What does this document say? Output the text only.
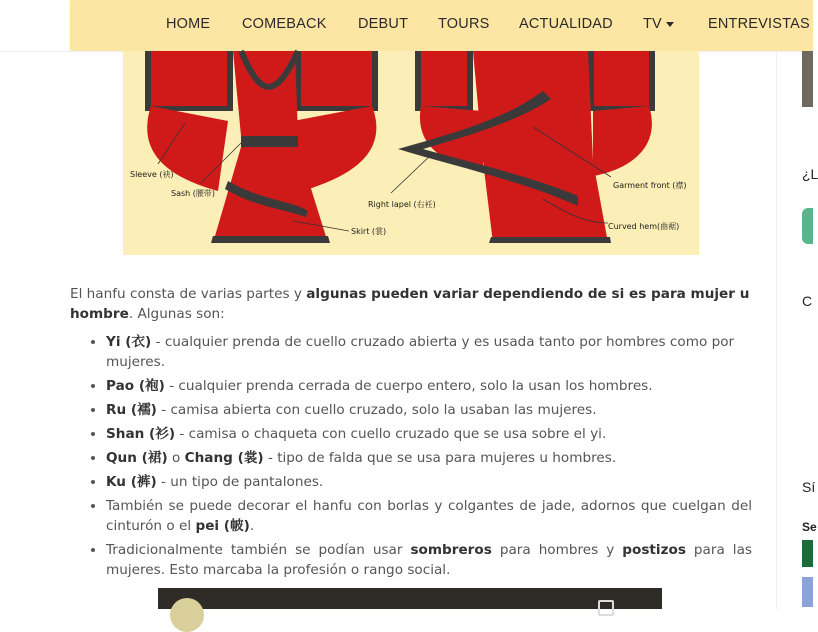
HOME COMEBACK DEBUT TOURS ACTUALIDAD TV	ENTREVISTAS
Sleeve (袂)
Sash (腰带)
Skirt (裳)
Right lapel (右衽)
Garment front (襟)
Curved hem(曲裾)

El hanfu consta de varias partes y algunas pueden variar dependiendo de si es para mujer u hombre. Algunas son:

• Yi (衣) - cualquier prenda de cuello cruzado abierta y es usada tanto por hombres como por mujeres.
• Pao (袍) - cualquier prenda cerrada de cuerpo entero, solo la usan los hombres.
• Ru (襦) - camisa abierta con cuello cruzado, solo la usaban las mujeres.
• Shan (衫) - camisa o chaqueta con cuello cruzado que se usa sobre el yi.
• Qun (裙) o Chang (裳) - tipo de falda que se usa para mujeres u hombres.
• Ku (裤) - un tipo de pantalones.
• También se puede decorar el hanfu con borlas y colgantes de jade, adornos que cuelgan del cinturón o el pei (帔).
• Tradicionalmente también se podían usar sombreros para hombres y postizos para las mujeres. Esto marcaba la profesión o rango social.
¿L
C
Sí
Se
